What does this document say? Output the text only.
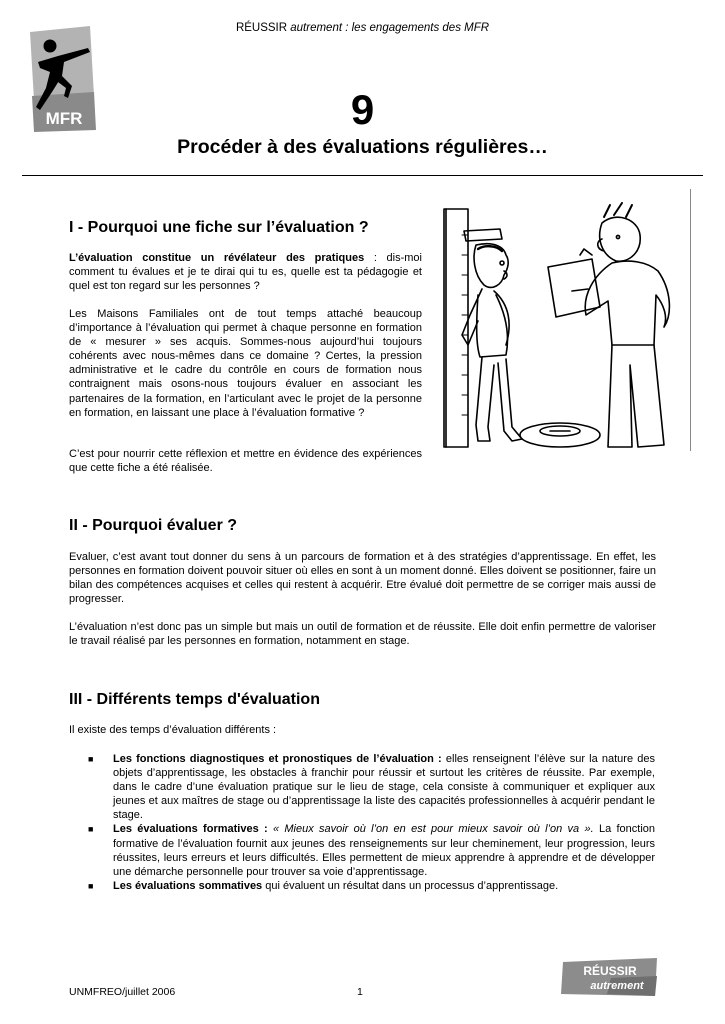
RÉUSSIR autrement : les engagements des MFR
MFR	9
Procéder à des évaluations régulières…
I - Pourquoi une fiche sur l’évaluation ?

L’évaluation constitue un révélateur des pratiques : dis-moi comment tu évalues et je te dirai qui tu es, quelle est ta pédagogie et quel est ton regard sur les personnes ?

Les Maisons Familiales ont de tout temps attaché beaucoup d’importance à l’évaluation qui permet à chaque personne en formation de « mesurer » ses acquis. Sommes-nous aujourd’hui toujours cohérents avec nous-mêmes dans ce domaine ? Certes, la pression administrative et le cadre du contrôle en cours de formation nous contraignent mais osons-nous toujours évaluer en associant les partenaires de la formation, en l’articulant avec le projet de la personne en formation, en laissant une place à l’évaluation formative ?

C’est pour nourrir cette réflexion et mettre en évidence des expériences que cette fiche a été réalisée.

II - Pourquoi évaluer ?

Evaluer, c’est avant tout donner du sens à un parcours de formation et à des stratégies d’apprentissage. En effet, les personnes en formation doivent pouvoir situer où elles en sont à un moment donné. Elles doivent se positionner, faire un bilan des compétences acquises et celles qui restent à acquérir. Etre évalué doit permettre de se corriger mais aussi de progresser.

L’évaluation n’est donc pas un simple but mais un outil de formation et de réussite. Elle doit enfin permettre de valoriser le travail réalisé par les personnes en formation, notamment en stage.

III - Différents temps d'évaluation

Il existe des temps d’évaluation différents :

■ Les fonctions diagnostiques et pronostiques de l’évaluation : elles renseignent l’élève sur la nature des objets d’apprentissage, les obstacles à franchir pour réussir et surtout les critères de réussite. Par exemple, dans le cadre d’une évaluation pratique sur le lieu de stage, cela consiste à communiquer et expliquer aux jeunes et aux maîtres de stage ou d’apprentissage la liste des capacités professionnelles à acquérir pendant le stage.
■ Les évaluations formatives : « Mieux savoir où l’on en est pour mieux savoir où l’on va ». La fonction formative de l’évaluation fournit aux jeunes des renseignements sur leur cheminement, leur progression, leurs réussites, leurs erreurs et leurs difficultés. Elles permettent de mieux apprendre à apprendre et de développer une démarche personnelle pour trouver sa voie d’apprentissage.
■ Les évaluations sommatives qui évaluent un résultat dans un processus d’apprentissage.
UNMFREO/juillet 2006	1
RÉUSSIR
autrement
